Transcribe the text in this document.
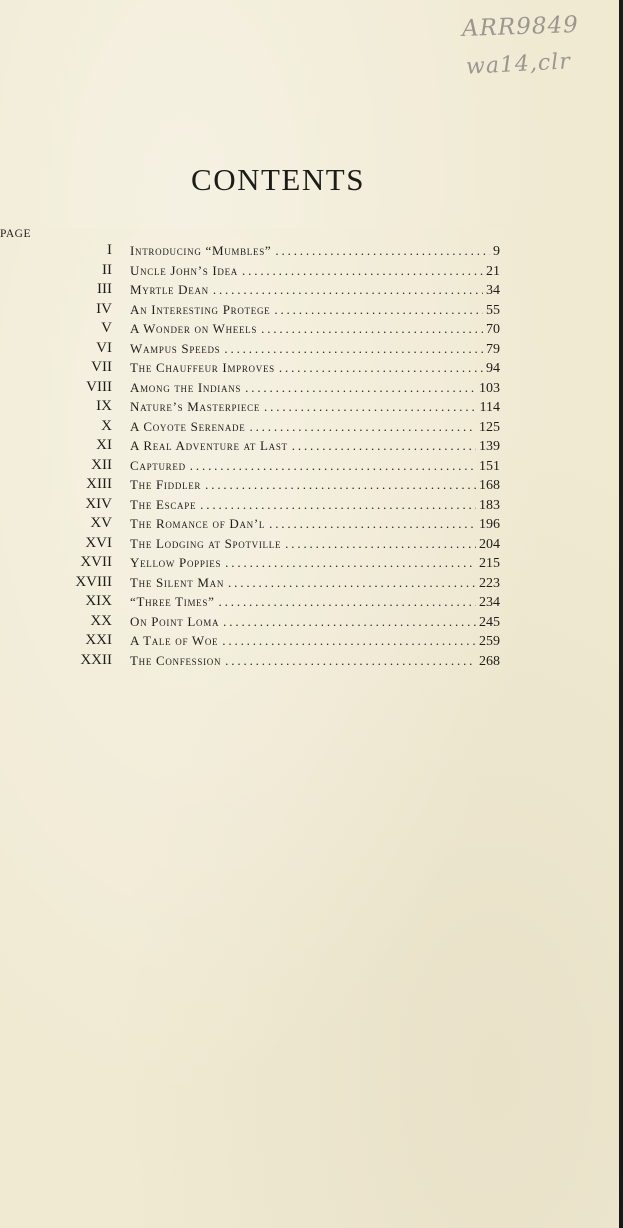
ARR9849
wa14,clr
CONTENTS
PAGE
I Introducing “Mumbles” . . .	9
II Uncle John’s Idea . . .	21
III Myrtle Dean . . .	34
IV An Interesting Protege . . .	55
V A Wonder on Wheels . . .	70
VI Wampus Speeds . . .	79
VII The Chauffeur Improves . . .	94
VIII Among the Indians . . .	103
IX Nature’s Masterpiece . . .	114
X A Coyote Serenade . . .	125
XI A Real Adventure at Last . . .	139
XII Captured . . .	151
XIII The Fiddler . . .	168
XIV The Escape . . .	183
XV The Romance of Dan’l . . .	196
XVI The Lodging at Spotville . . .	204
XVII Yellow Poppies . . .	215
XVIII The Silent Man . . .	223
XIX “Three Times” . . .	234
XX On Point Loma . . .	245
XXI A Tale of Woe . . .	259
XXII The Confession . . .	268
